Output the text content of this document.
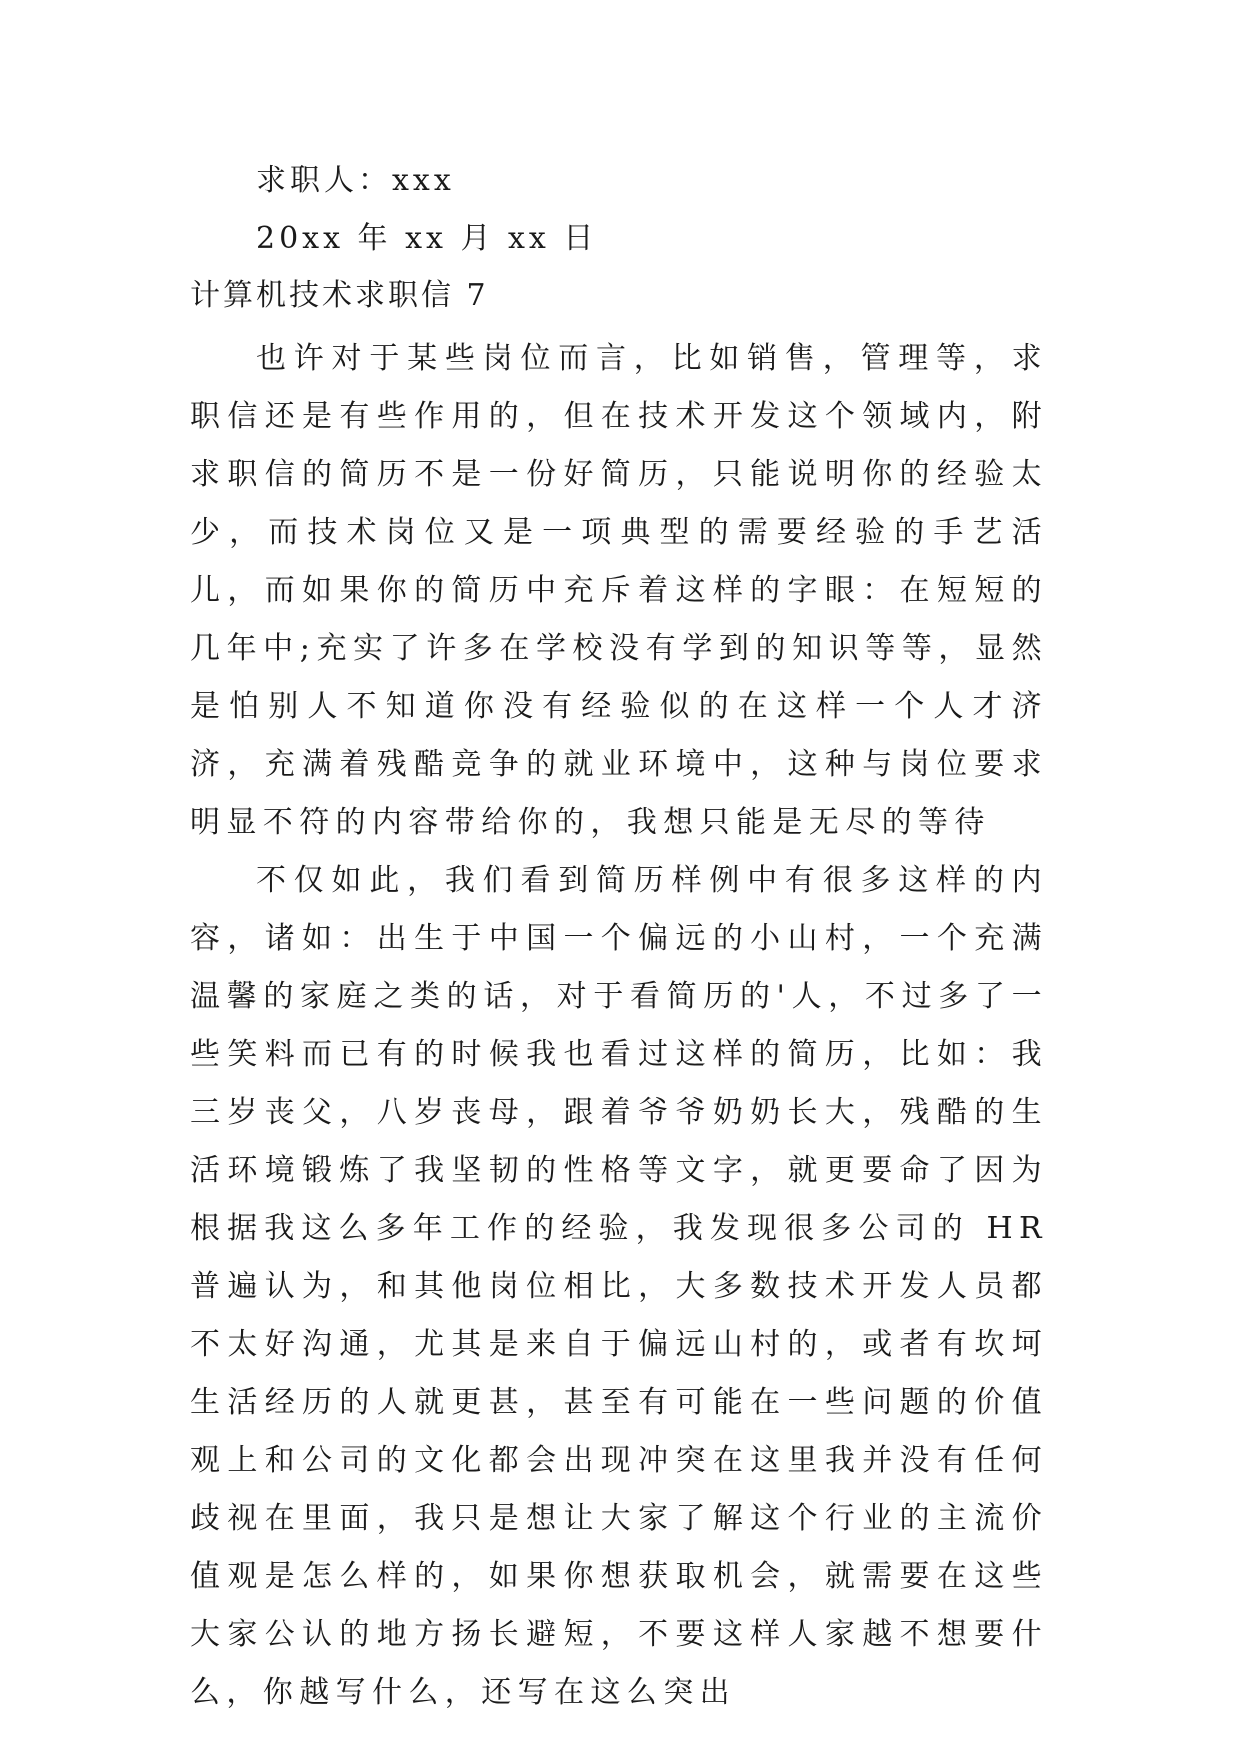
求职人：xxx
20xx 年 xx 月 xx 日
计算机技术求职信 7

也许对于某些岗位而言，比如销售，管理等，求职信还是有些作用的，但在技术开发这个领域内，附求职信的简历不是一份好简历，只能说明你的经验太少，而技术岗位又是一项典型的需要经验的手艺活儿，而如果你的简历中充斥着这样的字眼：在短短的几年中;充实了许多在学校没有学到的知识等等，显然是怕别人不知道你没有经验似的在这样一个人才济济，充满着残酷竞争的就业环境中，这种与岗位要求明显不符的内容带给你的，我想只能是无尽的等待

不仅如此，我们看到简历样例中有很多这样的内容，诸如：出生于中国一个偏远的小山村，一个充满温馨的家庭之类的话，对于看简历的'人，不过多了一些笑料而已有的时候我也看过这样的简历，比如：我三岁丧父，八岁丧母，跟着爷爷奶奶长大，残酷的生活环境锻炼了我坚韧的性格等文字，就更要命了因为根据我这么多年工作的经验，我发现很多公司的 HR 普遍认为，和其他岗位相比，大多数技术开发人员都不太好沟通，尤其是来自于偏远山村的，或者有坎坷生活经历的人就更甚，甚至有可能在一些问题的价值观上和公司的文化都会出现冲突在这里我并没有任何歧视在里面，我只是想让大家了解这个行业的主流价值观是怎么样的，如果你想获取机会，就需要在这些大家公认的地方扬长避短，不要这样人家越不想要什么，你越写什么，还写在这么突出
